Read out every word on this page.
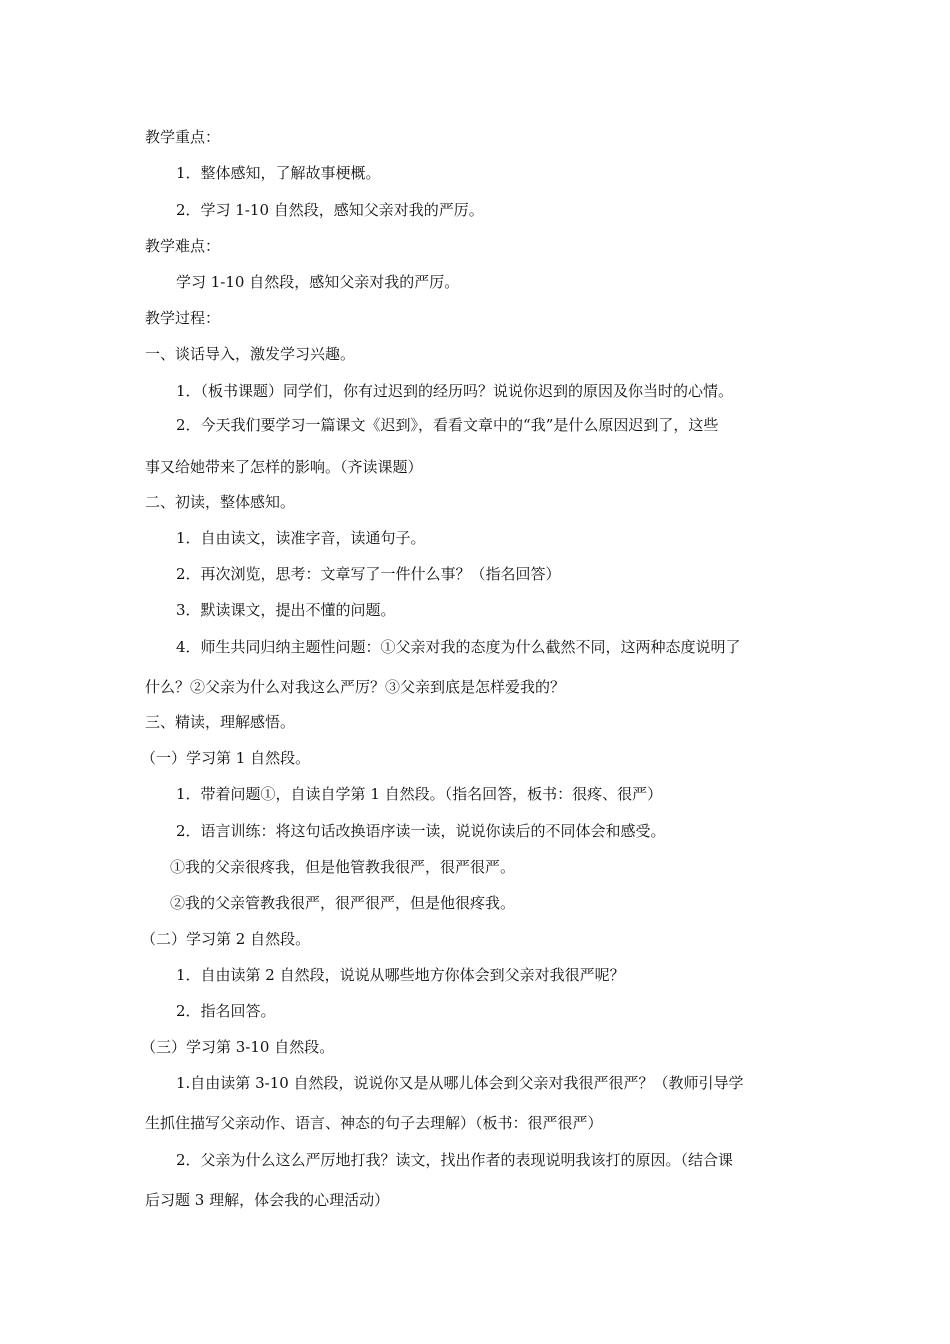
教学重点：
1．整体感知，了解故事梗概。
2．学习 1-10 自然段，感知父亲对我的严厉。
教学难点：
学习 1-10 自然段，感知父亲对我的严厉。
教学过程：
一、谈话导入，激发学习兴趣。
1．（板书课题）同学们，你有过迟到的经历吗？说说你迟到的原因及你当时的心情。
2．今天我们要学习一篇课文《迟到》，看看文章中的“我”是什么原因迟到了，这些
事又给她带来了怎样的影响。（齐读课题）
二、初读，整体感知。
1．自由读文，读准字音，读通句子。
2．再次浏览，思考：文章写了一件什么事？（指名回答）
3．默读课文，提出不懂的问题。
4．师生共同归纳主题性问题：①父亲对我的态度为什么截然不同，这两种态度说明了
什么？②父亲为什么对我这么严厉？③父亲到底是怎样爱我的？
三、精读，理解感悟。
（一）学习第 1 自然段。
1．带着问题①，自读自学第 1 自然段。（指名回答，板书：很疼、很严）
2．语言训练：将这句话改换语序读一读，说说你读后的不同体会和感受。
①我的父亲很疼我，但是他管教我很严，很严很严。
②我的父亲管教我很严，很严很严，但是他很疼我。
（二）学习第 2 自然段。
1．自由读第 2 自然段，说说从哪些地方你体会到父亲对我很严呢？
2．指名回答。
（三）学习第 3-10 自然段。
1.自由读第 3-10 自然段，说说你又是从哪儿体会到父亲对我很严很严？（教师引导学
生抓住描写父亲动作、语言、神态的句子去理解）（板书：很严很严）
2．父亲为什么这么严厉地打我？读文，找出作者的表现说明我该打的原因。（结合课
后习题 3 理解，体会我的心理活动）
